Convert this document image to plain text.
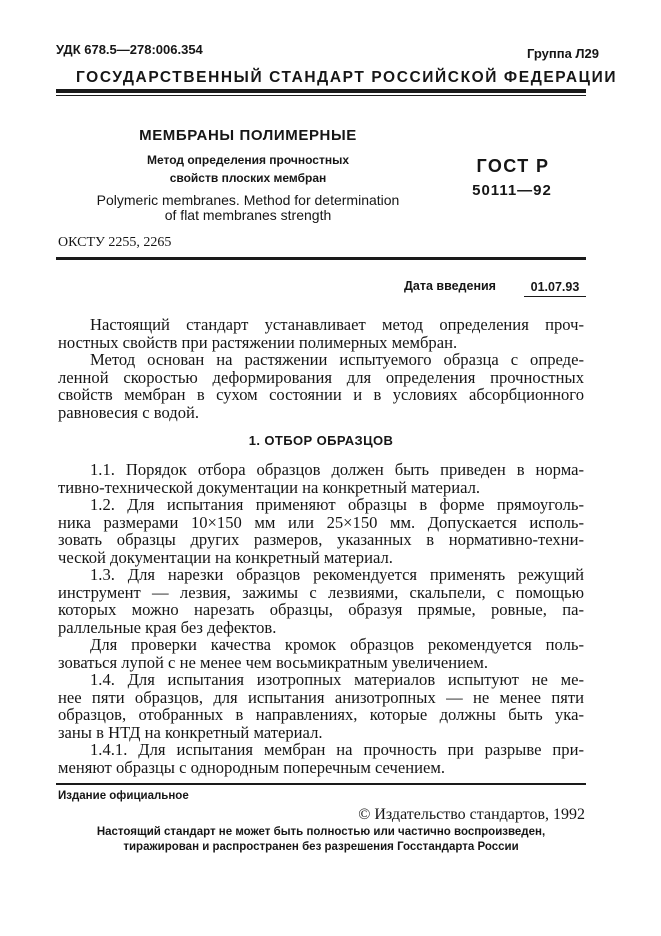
УДК 678.5—278:006.354	Группа Л29
ГОСУДАРСТВЕННЫЙ СТАНДАРТ РОССИЙСКОЙ ФЕДЕРАЦИИ
МЕМБРАНЫ ПОЛИМЕРНЫЕ
Метод определения прочностных
свойств плоских мембран
Polymeric membranes. Method for determination
of flat membranes strength
ГОСТ Р
50111—92
ОКСТУ 2255, 2265
Дата введения	01.07.93
Настоящий стандарт устанавливает метод определения проч-
ностных свойств при растяжении полимерных мембран.
Метод основан на растяжении испытуемого образца с опреде-
ленной скоростью деформирования для определения прочностных
свойств мембран в сухом состоянии и в условиях абсорбционного
равновесия с водой.
1. ОТБОР ОБРАЗЦОВ
1.1. Порядок отбора образцов должен быть приведен в норма-
тивно-технической документации на конкретный материал.
1.2. Для испытания применяют образцы в форме прямоуголь-
ника размерами 10×150 мм или 25×150 мм. Допускается исполь-
зовать образцы других размеров, указанных в нормативно-техни-
ческой документации на конкретный материал.
1.3. Для нарезки образцов рекомендуется применять режущий
инструмент — лезвия, зажимы с лезвиями, скальпели, с помощью
которых можно нарезать образцы, образуя прямые, ровные, па-
раллельные края без дефектов.
Для проверки качества кромок образцов рекомендуется поль-
зоваться лупой с не менее чем восьмикратным увеличением.
1.4. Для испытания изотропных материалов испытуют не ме-
нее пяти образцов, для испытания анизотропных — не менее пяти
образцов, отобранных в направлениях, которые должны быть ука-
заны в НТД на конкретный материал.
1.4.1. Для испытания мембран на прочность при разрыве при-
меняют образцы с однородным поперечным сечением.
Издание официальное
© Издательство стандартов, 1992
Настоящий стандарт не может быть полностью или частично воспроизведен,
тиражирован и распространен без разрешения Госстандарта России
